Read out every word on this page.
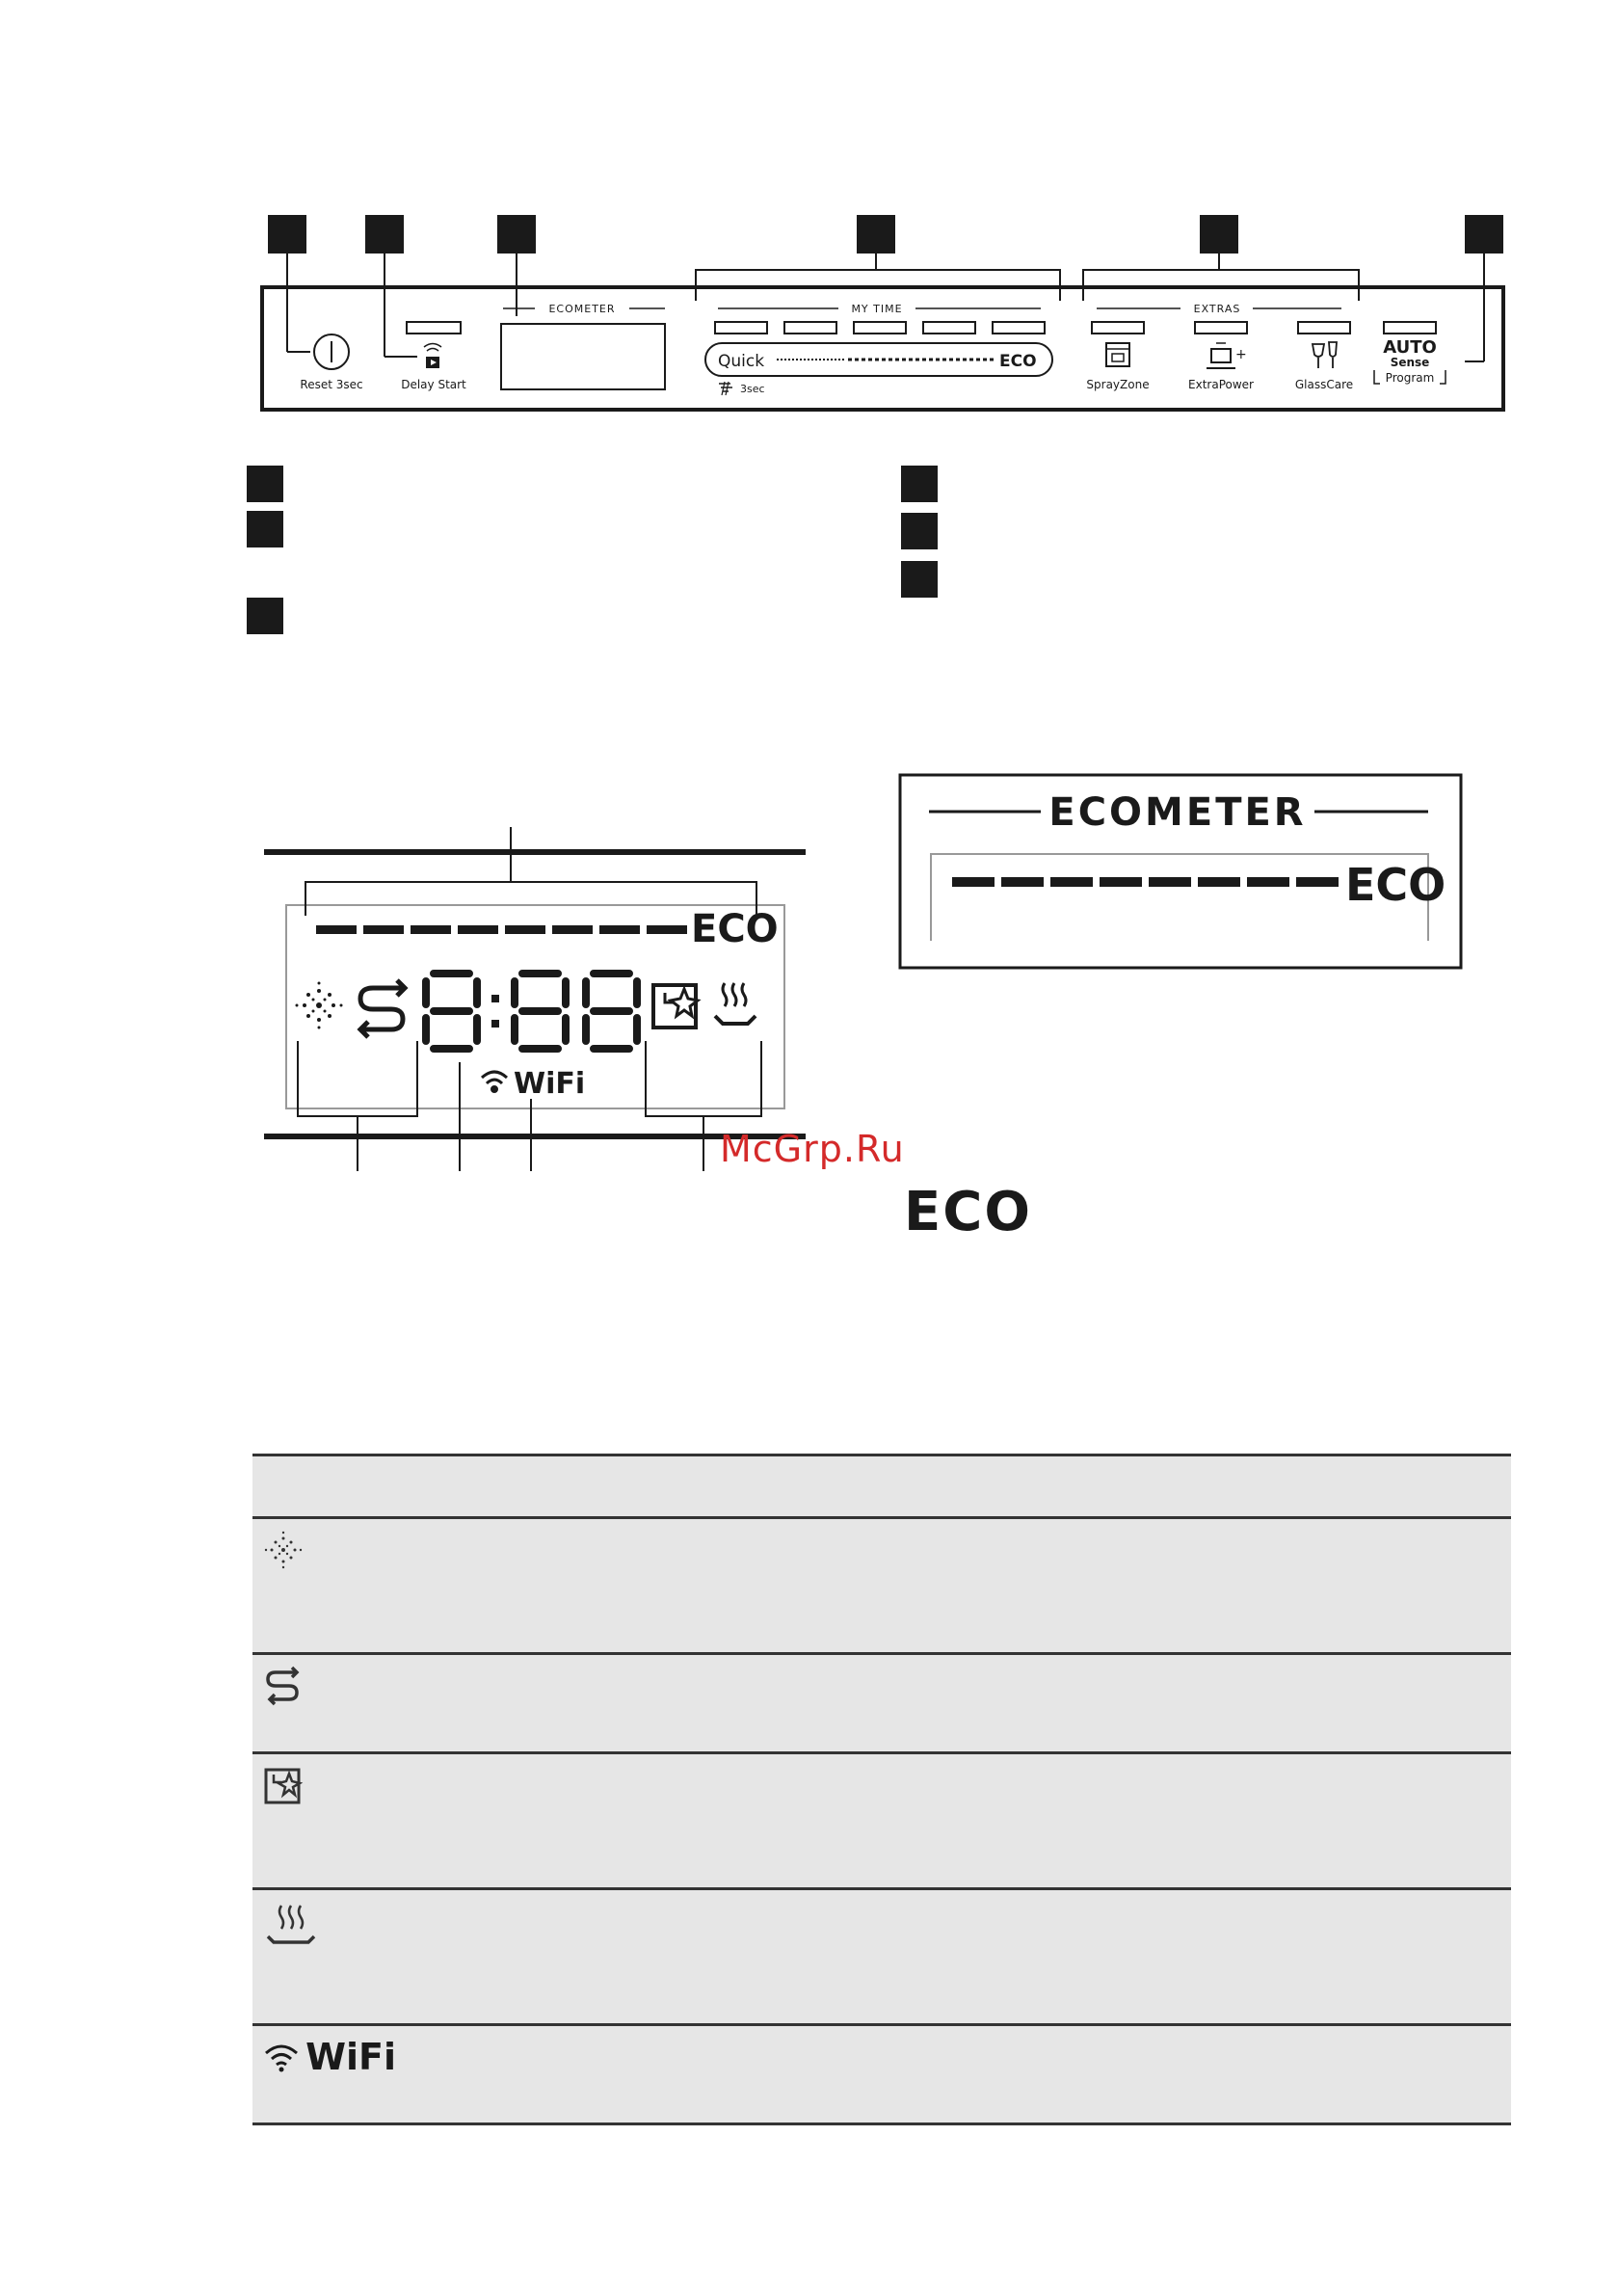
Reset 3sec	Delay Start
ECOMETER	MY TIME
Quick	ECO
3sec
EXTRAS
SprayZone
+
ExtraPower	GlassCare
AUTO
Sense
Program
ECO
WiFi
ECOMETER
ECO
McGrp.Ru
ECO

WiFi
